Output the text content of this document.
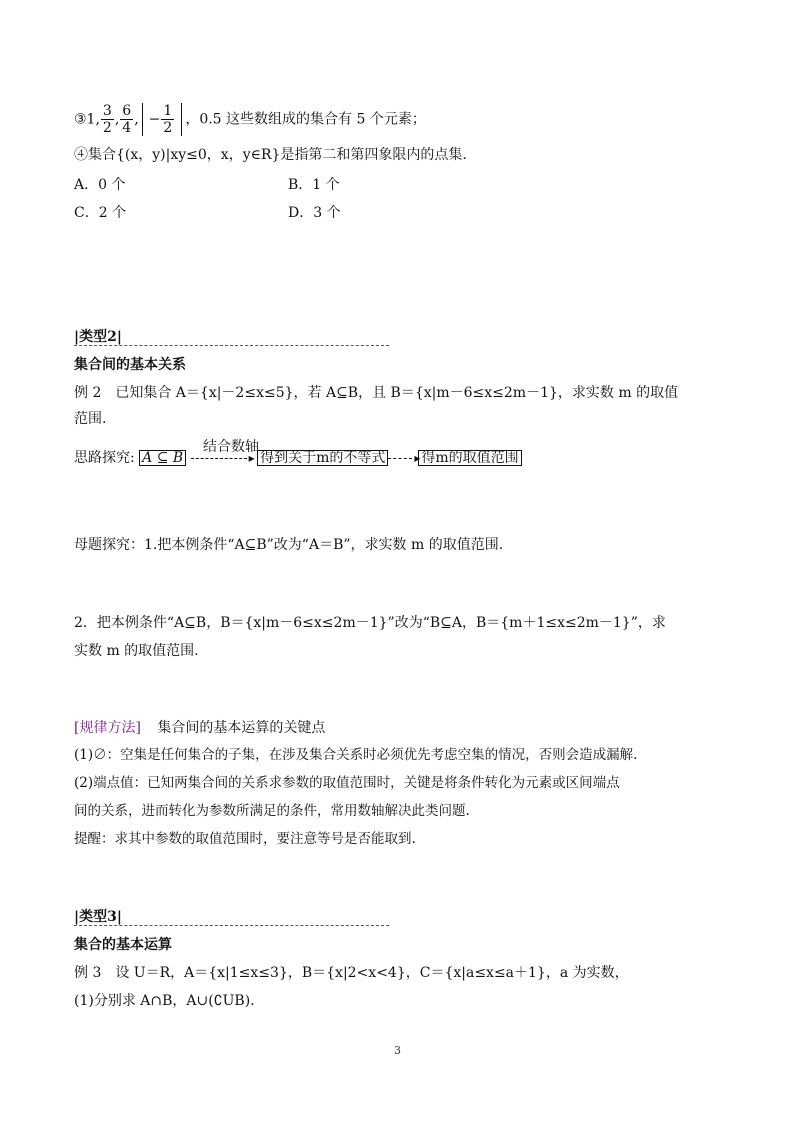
③1, $\frac{3}{2}$ , $\frac{6}{4}$ , − $\frac{1}{2}$ ，0.5 这些数组成的集合有 5 个元素；
④集合{(x，y)|xy≤0，x，y∈R}是指第二和第四象限内的点集.
A．0 个	B．1 个
C．2 个	D．3 个
|类型2|
集合间的基本关系
例 2　已知集合 A＝{x|－2≤x≤5}，若 A⊆B，且 B＝{x|m－6≤x≤2m－1}，求实数 m 的取值
范围.
思路探究: A ⊆ B ▸	得到关于m的不等式 ▸	得m的取值范围
结合数轴
母题探究：1.把本例条件“A⊆B”改为“A＝B”，求实数 m 的取值范围.
2．把本例条件“A⊆B，B＝{x|m－6≤x≤2m－1}”改为“B⊆A，B＝{m＋1≤x≤2m－1}”，求
实数 m 的取值范围.
[规律方法] 集合间的基本运算的关键点
(1)∅：空集是任何集合的子集，在涉及集合关系时必须优先考虑空集的情况，否则会造成漏解.
(2)端点值：已知两集合间的关系求参数的取值范围时，关键是将条件转化为元素或区间端点
间的关系，进而转化为参数所满足的条件，常用数轴解决此类问题.
提醒：求其中参数的取值范围时，要注意等号是否能取到.
|类型3|
集合的基本运算
例 3　设 U＝R，A＝{x|1≤x≤3}，B＝{x|2<x<4}，C＝{x|a≤x≤a＋1}，a 为实数，
(1)分别求 A∩B，A∪(∁UB).
3
